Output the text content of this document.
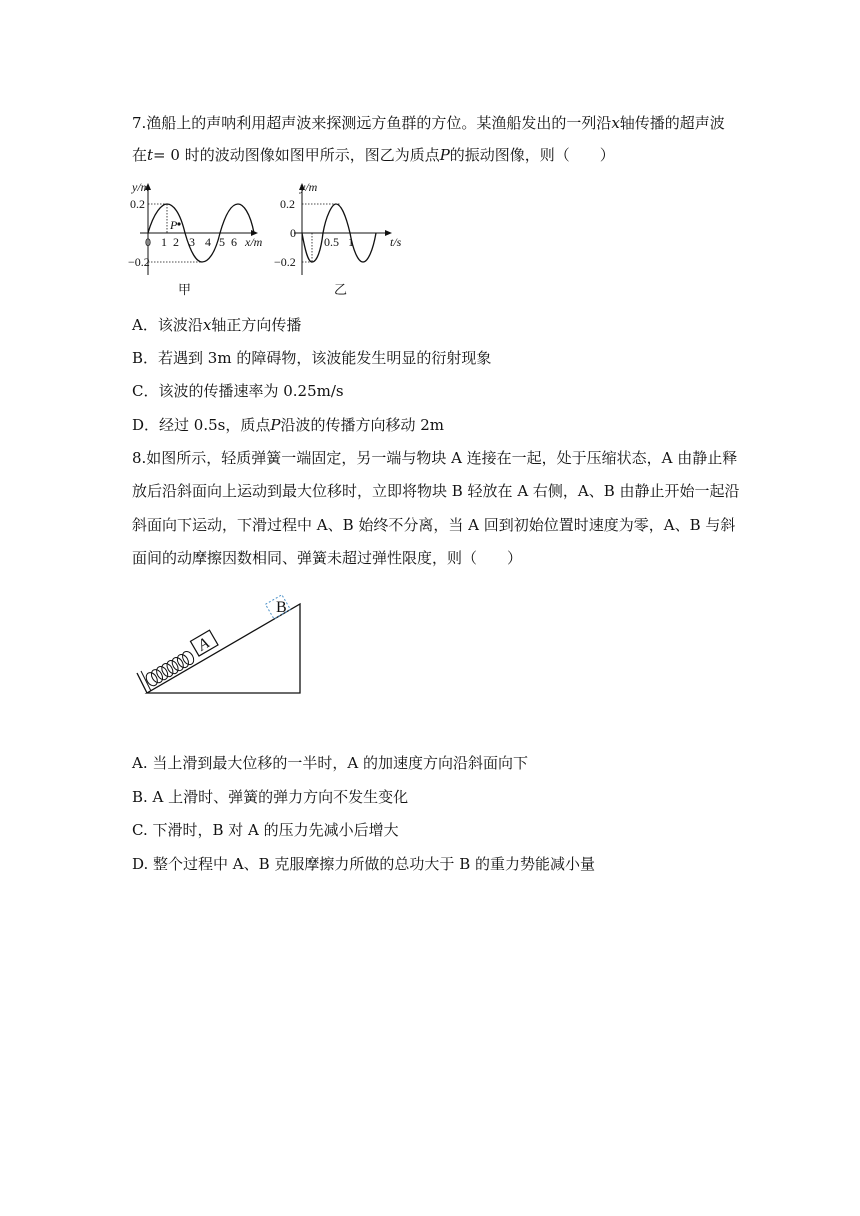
7.渔船上的声呐利用超声波来探测远方鱼群的方位。某渔船发出的一列沿x轴传播的超声波
在t= 0 时的波动图像如图甲所示，图乙为质点P的振动图像，则（　　）
y/m
0.2
−0.2
P
0 1 2 3 4 5 6 x/m
甲
y/m
0.2
0
−0.2
0.5 1	t/s
乙
A．该波沿x轴正方向传播
B．若遇到 3m 的障碍物，该波能发生明显的衍射现象
C．该波的传播速率为 0.25m/s
D．经过 0.5s，质点P沿波的传播方向移动 2m
8.如图所示，轻质弹簧一端固定，另一端与物块 A 连接在一起，处于压缩状态，A 由静止释
放后沿斜面向上运动到最大位移时，立即将物块 B 轻放在 A 右侧，A、B 由静止开始一起沿
斜面向下运动，下滑过程中 A、B 始终不分离，当 A 回到初始位置时速度为零，A、B 与斜
面间的动摩擦因数相同、弹簧未超过弹性限度，则（　　）
A
B
A. 当上滑到最大位移的一半时，A 的加速度方向沿斜面向下
B. A 上滑时、弹簧的弹力方向不发生变化
C. 下滑时，B 对 A 的压力先减小后增大
D. 整个过程中 A、B 克服摩擦力所做的总功大于 B 的重力势能减小量
